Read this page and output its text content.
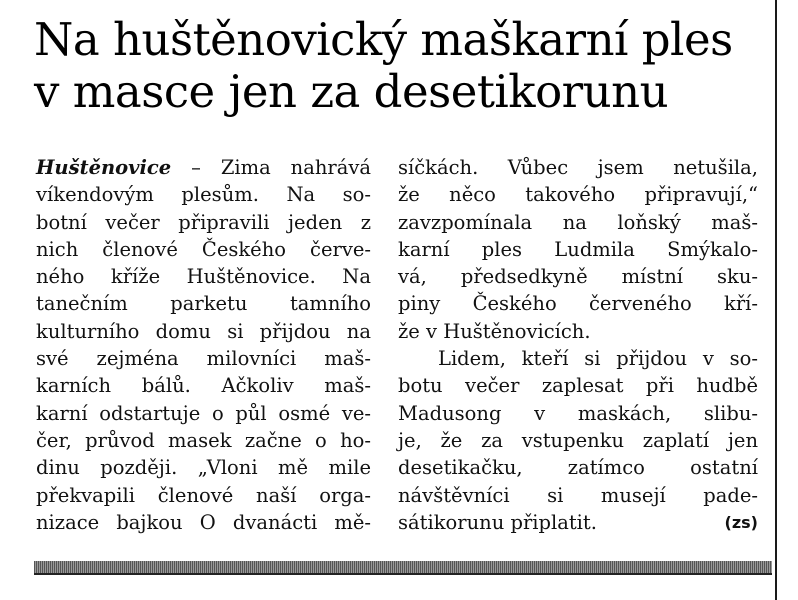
Na huštěnovický maškarní ples
v masce jen za desetikorunu
Huštěnovice – Zima nahrává
víkendovým plesům. Na so-
botní večer připravili jeden z
nich členové Českého červe-
ného kříže Huštěnovice. Na
tanečním parketu tamního
kulturního domu si přijdou na
své zejména milovníci maš-
karních bálů. Ačkoliv maš-
karní odstartuje o půl osmé ve-
čer, průvod masek začne o ho-
dinu později. „Vloni mě mile
překvapili členové naší orga-
nizace bajkou O dvanácti mě-
síčkách. Vůbec jsem netušila,
že něco takového připravují,“
zavzpomínala na loňský maš-
karní ples Ludmila Smýkalo-
vá, předsedkyně místní sku-
piny Českého červeného kří-
že v Huštěnovicích.
Lidem, kteří si přijdou v so-
botu večer zaplesat při hudbě
Madusong v maskách, slibu-
je, že za vstupenku zaplatí jen
desetikačku, zatímco ostatní
návštěvníci si musejí pade-
sátikorunu připlatit.	(zs)
